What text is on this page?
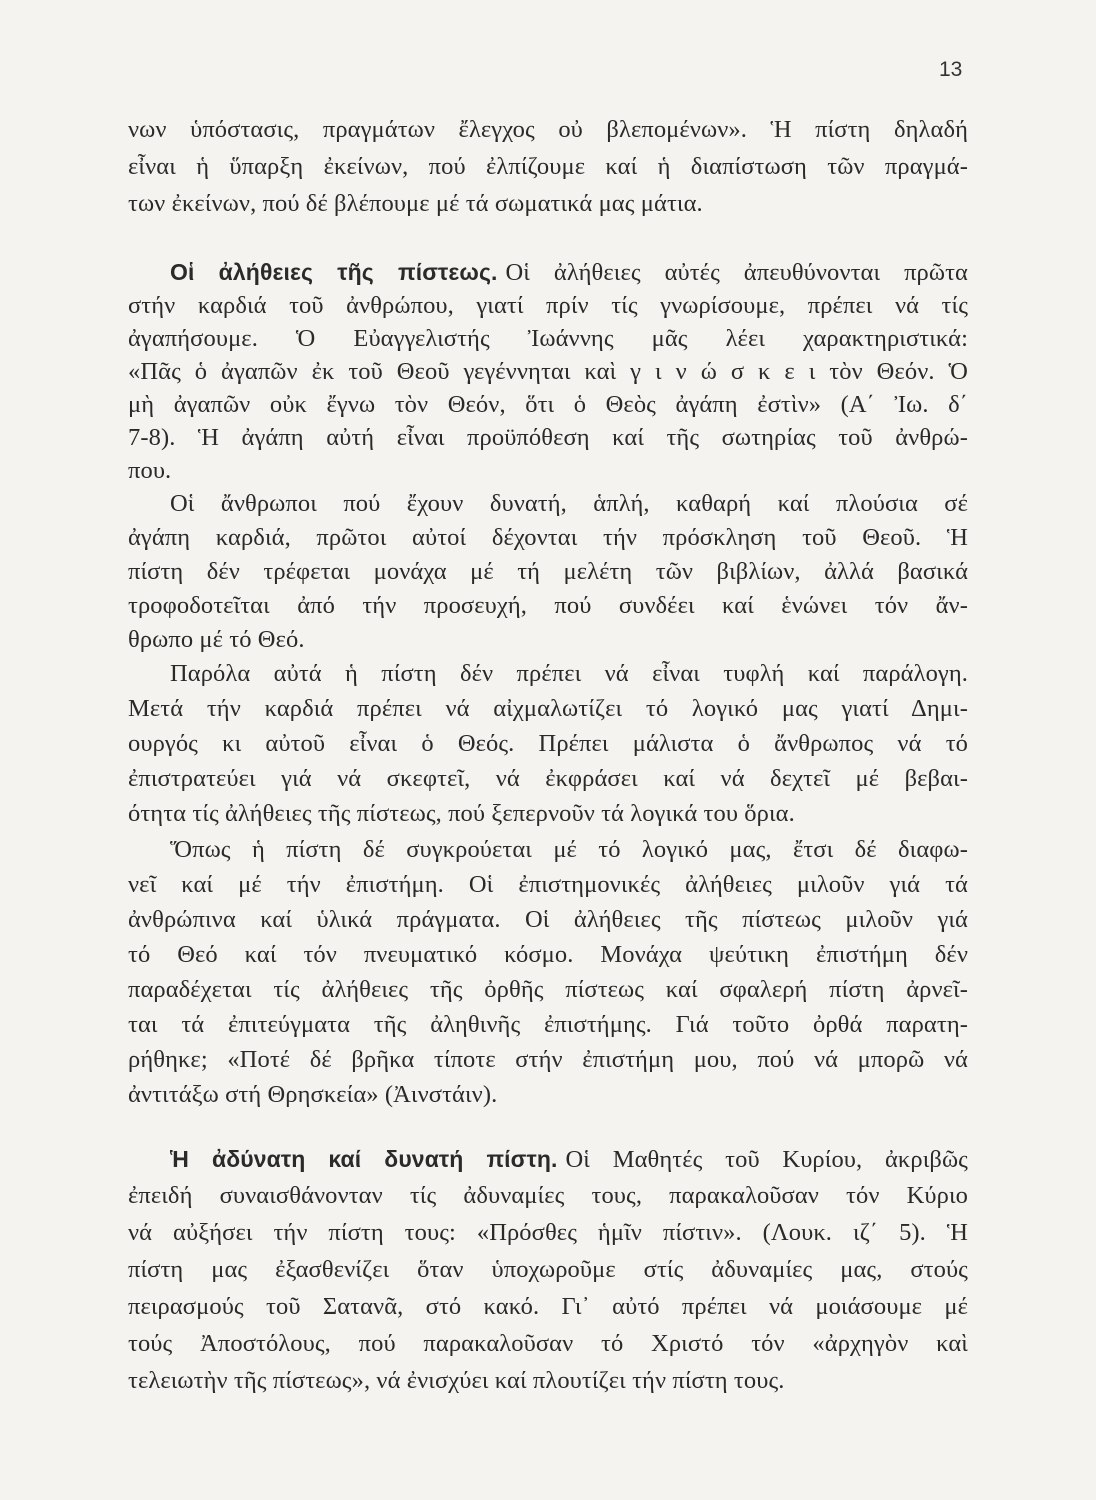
13
νων ὑπόστασις, πραγμάτων ἔλεγχος οὐ βλεπομένων». Ἡ πίστη δηλαδή
εἶναι ἡ ὕπαρξη ἐκείνων, πού ἐλπίζουμε καί ἡ διαπίστωση τῶν πραγμά-
των ἐκείνων, πού δέ βλέπουμε μέ τά σωματικά μας μάτια.
Οἱ ἀλήθειες τῆς πίστεως. Οἱ ἀλήθειες αὐτές ἀπευθύνονται πρῶτα
στήν καρδιά τοῦ ἀνθρώπου, γιατί πρίν τίς γνωρίσουμε, πρέπει νά τίς
ἀγαπήσουμε. Ὁ Εὐαγγελιστής Ἰωάννης μᾶς λέει χαρακτηριστικά:
«Πᾶς ὁ ἀγαπῶν ἐκ τοῦ Θεοῦ γεγέννηται καὶ γ ι ν ώ σ κ ε ι τὸν Θεόν. Ὁ
μὴ ἀγαπῶν οὐκ ἔγνω τὸν Θεόν, ὅτι ὁ Θεὸς ἀγάπη ἐστὶν» (Α΄ Ἰω. δ΄
7-8). Ἡ ἀγάπη αὐτή εἶναι προϋπόθεση καί τῆς σωτηρίας τοῦ ἀνθρώ-
που.
Οἱ ἄνθρωποι πού ἔχουν δυνατή, ἁπλή, καθαρή καί πλούσια σέ
ἀγάπη καρδιά, πρῶτοι αὐτοί δέχονται τήν πρόσκληση τοῦ Θεοῦ. Ἡ
πίστη δέν τρέφεται μονάχα μέ τή μελέτη τῶν βιβλίων, ἀλλά βασικά
τροφοδοτεῖται ἀπό τήν προσευχή, πού συνδέει καί ἑνώνει τόν ἄν-
θρωπο μέ τό Θεό.
Παρόλα αὐτά ἡ πίστη δέν πρέπει νά εἶναι τυφλή καί παράλογη.
Μετά τήν καρδιά πρέπει νά αἰχμαλωτίζει τό λογικό μας γιατί Δημι-
ουργός κι αὐτοῦ εἶναι ὁ Θεός. Πρέπει μάλιστα ὁ ἄνθρωπος νά τό
ἐπιστρατεύει γιά νά σκεφτεῖ, νά ἐκφράσει καί νά δεχτεῖ μέ βεβαι-
ότητα τίς ἀλήθειες τῆς πίστεως, πού ξεπερνοῦν τά λογικά του ὅρια.
Ὅπως ἡ πίστη δέ συγκρούεται μέ τό λογικό μας, ἔτσι δέ διαφω-
νεῖ καί μέ τήν ἐπιστήμη. Οἱ ἐπιστημονικές ἀλήθειες μιλοῦν γιά τά
ἀνθρώπινα καί ὑλικά πράγματα. Οἱ ἀλήθειες τῆς πίστεως μιλοῦν γιά
τό Θεό καί τόν πνευματικό κόσμο. Μονάχα ψεύτικη ἐπιστήμη δέν
παραδέχεται τίς ἀλήθειες τῆς ὀρθῆς πίστεως καί σφαλερή πίστη ἀρνεῖ-
ται τά ἐπιτεύγματα τῆς ἀληθινῆς ἐπιστήμης. Γιά τοῦτο ὀρθά παρατη-
ρήθηκε; «Ποτέ δέ βρῆκα τίποτε στήν ἐπιστήμη μου, πού νά μπορῶ νά
ἀντιτάξω στή Θρησκεία» (Ἀινστάιν).
Ἡ ἀδύνατη καί δυνατή πίστη. Οἱ Μαθητές τοῦ Κυρίου, ἀκριβῶς
ἐπειδή συναισθάνονταν τίς ἀδυναμίες τους, παρακαλοῦσαν τόν Κύριο
νά αὐξήσει τήν πίστη τους: «Πρόσθες ἡμῖν πίστιν». (Λουκ. ιζ΄ 5). Ἡ
πίστη μας ἐξασθενίζει ὅταν ὑποχωροῦμε στίς ἀδυναμίες μας, στούς
πειρασμούς τοῦ Σατανᾶ, στό κακό. Γι᾽ αὐτό πρέπει νά μοιάσουμε μέ
τούς Ἀποστόλους, πού παρακαλοῦσαν τό Χριστό τόν «ἀρχηγὸν καὶ
τελειωτὴν τῆς πίστεως», νά ἐνισχύει καί πλουτίζει τήν πίστη τους.
